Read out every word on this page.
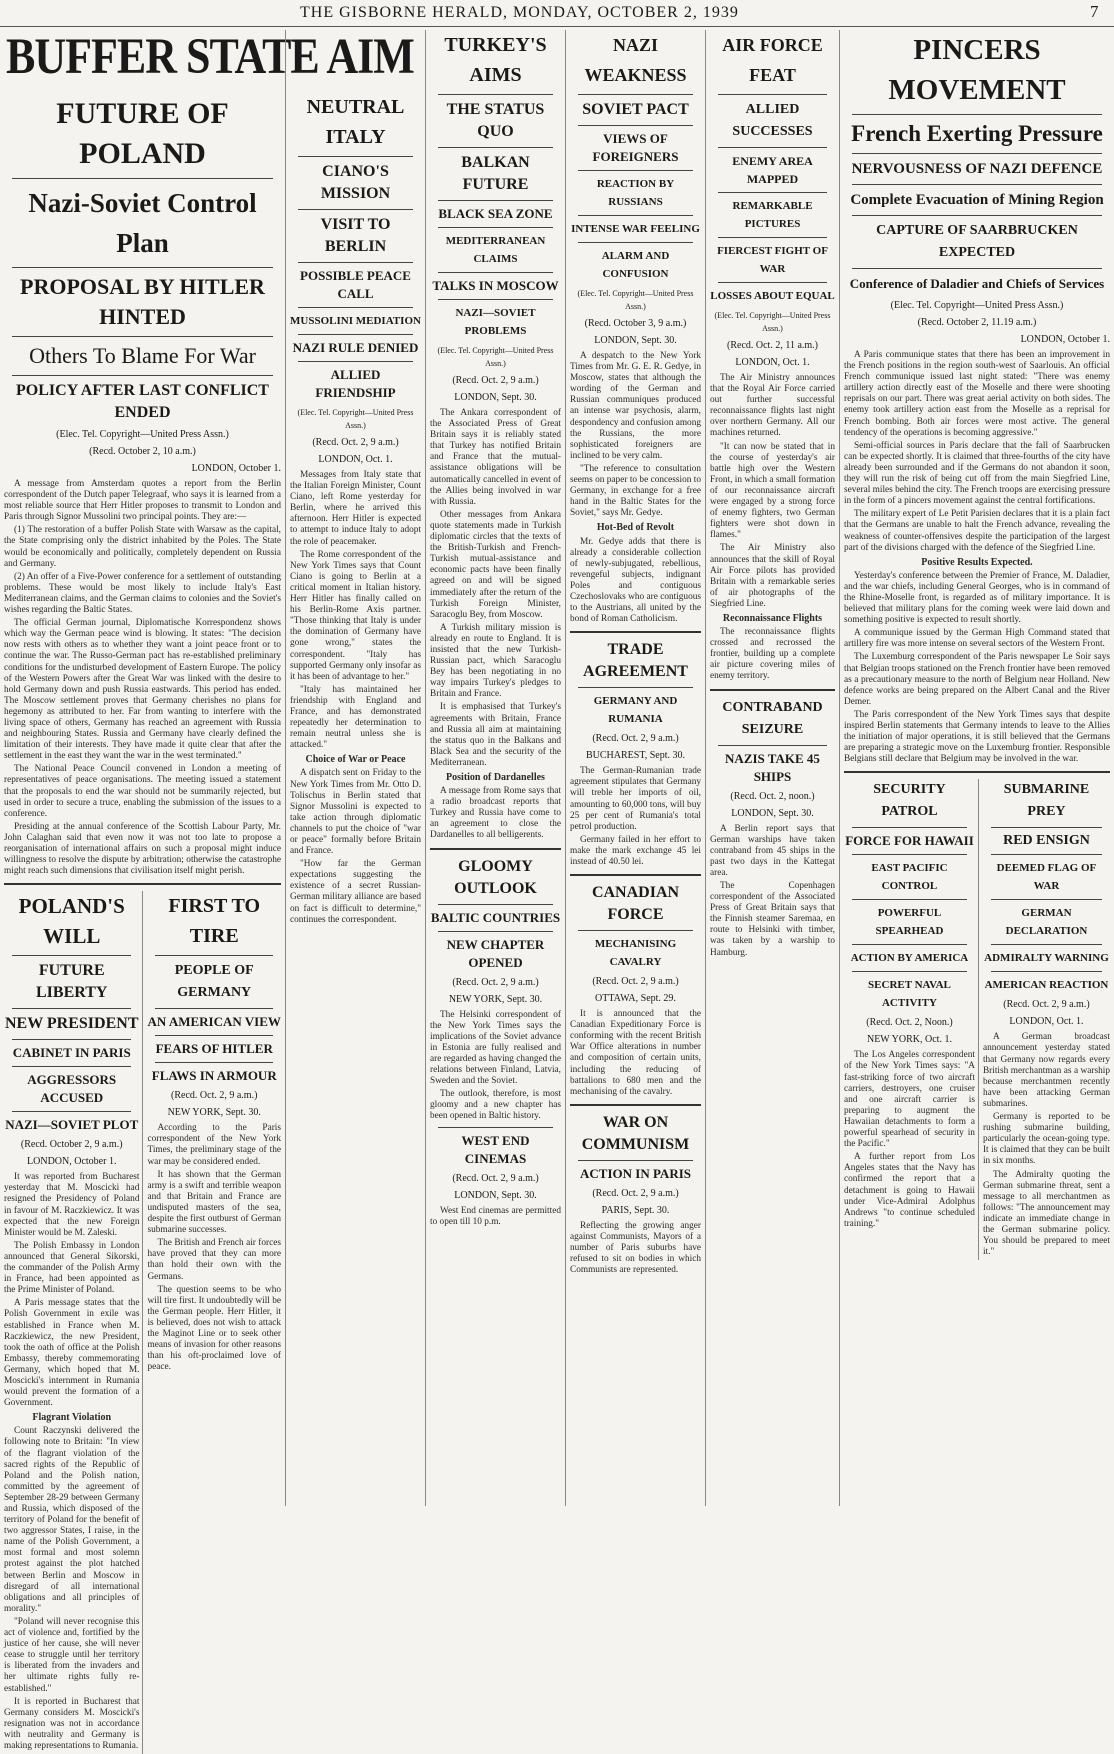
THE GISBORNE HERALD, MONDAY, OCTOBER 2, 1939	7
BUFFER STATE AIM
FUTURE OF POLAND
Nazi-Soviet Control Plan
PROPOSAL BY HITLER HINTED
Others To Blame For War
POLICY AFTER LAST CONFLICT ENDED
(Elec. Tel. Copyright—United Press Assn.)
(Recd. October 2, 10 a.m.)
LONDON, October 1.

A message from Amsterdam quotes a report from the Berlin correspondent of the Dutch paper Telegraaf, who says it is learned from a most reliable source that Herr Hitler proposes to transmit to London and Paris through Signor Mussolini two principal points. They are:—

(1) The restoration of a buffer Polish State with Warsaw as the capital, the State comprising only the district inhabited by the Poles. The State would be economically and politically, completely dependent on Russia and Germany.

(2) An offer of a Five-Power conference for a settlement of outstanding problems. These would be most likely to include Italy's East Mediterranean claims, and the German claims to colonies and the Soviet's wishes regarding the Baltic States.

The official German journal, Diplomatische Korrespondenz shows which way the German peace wind is blowing. It states: "The decision now rests with others as to whether they want a joint peace front or to continue the war. The Russo-German pact has re-established preliminary conditions for the undisturbed development of Eastern Europe. The policy of the Western Powers after the Great War was linked with the desire to hold Germany down and push Russia eastwards. This period has ended. The Moscow settlement proves that Germany cherishes no plans for hegemony as attributed to her. Far from wanting to interfere with the living space of others, Germany has reached an agreement with Russia and neighbouring States. Russia and Germany have clearly defined the limitation of their interests. They have made it quite clear that after the settlement in the east they want the war in the west terminated."

The National Peace Council convened in London a meeting of representatives of peace organisations. The meeting issued a statement that the proposals to end the war should not be summarily rejected, but used in order to secure a truce, enabling the submission of the issues to a conference.

Presiding at the annual conference of the Scottish Labour Party, Mr. John Calaghan said that even now it was not too late to propose a reorganisation of international affairs on such a proposal might induce willingness to resolve the dispute by arbitration; otherwise the catastrophe might reach such dimensions that civilisation itself might perish.

POLAND'S WILL
FUTURE LIBERTY
NEW PRESIDENT
CABINET IN PARIS
AGGRESSORS ACCUSED
NAZI—SOVIET PLOT
(Recd. October 2, 9 a.m.)
LONDON, October 1.

It was reported from Bucharest yesterday that M. Moscicki had resigned the Presidency of Poland in favour of M. Raczkiewicz. It was expected that the new Foreign Minister would be M. Zaleski.

The Polish Embassy in London announced that General Sikorski, the commander of the Polish Army in France, had been appointed as the Prime Minister of Poland.

A Paris message states that the Polish Government in exile was established in France when M. Raczkiewicz, the new President, took the oath of office at the Polish Embassy, thereby commemorating Germany, which hoped that M. Moscicki's internment in Rumania would prevent the formation of a Government.

Flagrant Violation

Count Raczynski delivered the following note to Britain: "In view of the flagrant violation of the sacred rights of the Republic of Poland and the Polish nation, committed by the agreement of September 28-29 between Germany and Russia, which disposed of the territory of Poland for the benefit of two aggressor States, I raise, in the name of the Polish Government, a most formal and most solemn protest against the plot hatched between Berlin and Moscow in disregard of all international obligations and all principles of morality."

"Poland will never recognise this act of violence and, fortified by the justice of her cause, she will never cease to struggle until her territory is liberated from the invaders and her ultimate rights fully re-established."

It is reported in Bucharest that Germany considers M. Moscicki's resignation was not in accordance with neutrality and Germany is making representations to Rumania.

FIRST TO TIRE
PEOPLE OF GERMANY
AN AMERICAN VIEW
FEARS OF HITLER
FLAWS IN ARMOUR
(Recd. Oct. 2, 9 a.m.)
NEW YORK, Sept. 30.

According to the Paris correspondent of the New York Times, the preliminary stage of the war may be considered ended.

It has shown that the German army is a swift and terrible weapon and that Britain and France are undisputed masters of the sea, despite the first outburst of German submarine successes.

The British and French air forces have proved that they can more than hold their own with the Germans.

The question seems to be who will tire first. It undoubtedly will be the German people. Herr Hitler, it is believed, does not wish to attack the Maginot Line or to seek other means of invasion for other reasons than his oft-proclaimed love of peace.

NEUTRAL ITALY
CIANO'S MISSION
VISIT TO BERLIN
POSSIBLE PEACE CALL
MUSSOLINI MEDIATION
NAZI RULE DENIED
ALLIED FRIENDSHIP
(Elec. Tel. Copyright—United Press Assn.)
(Recd. Oct. 2, 9 a.m.)
LONDON, Oct. 1.

Messages from Italy state that the Italian Foreign Minister, Count Ciano, left Rome yesterday for Berlin, where he arrived this afternoon. Herr Hitler is expected to attempt to induce Italy to adopt the role of peacemaker.

The Rome correspondent of the New York Times says that Count Ciano is going to Berlin at a critical moment in Italian history. Herr Hitler has finally called on his Berlin-Rome Axis partner. "Those thinking that Italy is under the domination of Germany have gone wrong," states the correspondent. "Italy has supported Germany only insofar as it has been of advantage to her."

"Italy has maintained her friendship with England and France, and has demonstrated repeatedly her determination to remain neutral unless she is attacked."

Choice of War or Peace

A dispatch sent on Friday to the New York Times from Mr. Otto D. Tolischus in Berlin stated that Signor Mussolini is expected to take action through diplomatic channels to put the choice of "war or peace" formally before Britain and France.

"How far the German expectations suggesting the existence of a secret Russian-German military alliance are based on fact is difficult to determine," continues the correspondent.

TURKEY'S AIMS
THE STATUS QUO
BALKAN FUTURE
BLACK SEA ZONE
MEDITERRANEAN CLAIMS
TALKS IN MOSCOW
NAZI—SOVIET PROBLEMS
(Elec. Tel. Copyright—United Press Assn.)
(Recd. Oct. 2, 9 a.m.)
LONDON, Sept. 30.

The Ankara correspondent of the Associated Press of Great Britain says it is reliably stated that Turkey has notified Britain and France that the mutual-assistance obligations will be automatically cancelled in event of the Allies being involved in war with Russia.

Other messages from Ankara quote statements made in Turkish diplomatic circles that the texts of the British-Turkish and French-Turkish mutual-assistance and economic pacts have been finally agreed on and will be signed immediately after the return of the Turkish Foreign Minister, Saracoglu Bey, from Moscow.

A Turkish military mission is already en route to England. It is insisted that the new Turkish-Russian pact, which Saracoglu Bey has been negotiating in no way impairs Turkey's pledges to Britain and France.

It is emphasised that Turkey's agreements with Britain, France and Russia all aim at maintaining the status quo in the Balkans and Black Sea and the security of the Mediterranean.

Position of Dardanelles

A message from Rome says that a radio broadcast reports that Turkey and Russia have come to an agreement to close the Dardanelles to all belligerents.

GLOOMY OUTLOOK
BALTIC COUNTRIES
NEW CHAPTER OPENED
(Recd. Oct. 2, 9 a.m.)
NEW YORK, Sept. 30.

The Helsinki correspondent of the New York Times says the implications of the Soviet advance in Estonia are fully realised and are regarded as having changed the relations between Finland, Latvia, Sweden and the Soviet.

The outlook, therefore, is most gloomy and a new chapter has been opened in Baltic history.

WEST END CINEMAS
(Recd. Oct. 2, 9 a.m.)
LONDON, Sept. 30.

West End cinemas are permitted to open till 10 p.m.

NAZI WEAKNESS
SOVIET PACT
VIEWS OF FOREIGNERS
REACTION BY RUSSIANS
INTENSE WAR FEELING
ALARM AND CONFUSION
(Elec. Tel. Copyright—United Press Assn.)
(Recd. October 3, 9 a.m.)
LONDON, Sept. 30.

A despatch to the New York Times from Mr. G. E. R. Gedye, in Moscow, states that although the wording of the German and Russian communiques produced an intense war psychosis, alarm, despondency and confusion among the Russians, the more sophisticated foreigners are inclined to be very calm.

"The reference to consultation seems on paper to be concession to Germany, in exchange for a free hand in the Baltic States for the Soviet," says Mr. Gedye.

Hot-Bed of Revolt

Mr. Gedye adds that there is already a considerable collection of newly-subjugated, rebellious, revengeful subjects, indignant Poles and contiguous Czechoslovaks who are contiguous to the Austrians, all united by the bond of Roman Catholicism.

TRADE AGREEMENT
GERMANY AND RUMANIA
(Recd. Oct. 2, 9 a.m.)
BUCHAREST, Sept. 30.

The German-Rumanian trade agreement stipulates that Germany will treble her imports of oil, amounting to 60,000 tons, will buy 25 per cent of Rumania's total petrol production.

Germany failed in her effort to make the mark exchange 45 lei instead of 40.50 lei.

CANADIAN FORCE
MECHANISING CAVALRY
(Recd. Oct. 2, 9 a.m.)
OTTAWA, Sept. 29.

It is announced that the Canadian Expeditionary Force is conforming with the recent British War Office alterations in number and composition of certain units, including the reducing of battalions to 680 men and the mechanising of the cavalry.

WAR ON COMMUNISM
ACTION IN PARIS
(Recd. Oct. 2, 9 a.m.)
PARIS, Sept. 30.

Reflecting the growing anger against Communists, Mayors of a number of Paris suburbs have refused to sit on bodies in which Communists are represented.

AIR FORCE FEAT
ALLIED SUCCESSES
ENEMY AREA MAPPED
REMARKABLE PICTURES
FIERCEST FIGHT OF WAR
LOSSES ABOUT EQUAL
(Elec. Tel. Copyright—United Press Assn.)
(Recd. Oct. 2, 11 a.m.)
LONDON, Oct. 1.

The Air Ministry announces that the Royal Air Force carried out further successful reconnaissance flights last night over northern Germany. All our machines returned.

"It can now be stated that in the course of yesterday's air battle high over the Western Front, in which a small formation of our reconnaissance aircraft were engaged by a strong force of enemy fighters, two German fighters were shot down in flames."

The Air Ministry also announces that the skill of Royal Air Force pilots has provided Britain with a remarkable series of air photographs of the Siegfried Line.

Reconnaissance Flights

The reconnaissance flights crossed and recrossed the frontier, building up a complete air picture covering miles of enemy territory.

CONTRABAND SEIZURE
NAZIS TAKE 45 SHIPS
(Recd. Oct. 2, noon.)
LONDON, Sept. 30.

A Berlin report says that German warships have taken contraband from 45 ships in the past two days in the Kattegat area.

The Copenhagen correspondent of the Associated Press of Great Britain says that the Finnish steamer Saremaa, en route to Helsinki with timber, was taken by a warship to Hamburg.

PINCERS MOVEMENT
French Exerting Pressure
NERVOUSNESS OF NAZI DEFENCE
Complete Evacuation of Mining Region
CAPTURE OF SAARBRUCKEN EXPECTED
Conference of Daladier and Chiefs of Services
(Elec. Tel. Copyright—United Press Assn.)
(Recd. October 2, 11.19 a.m.)
LONDON, October 1.

A Paris communique states that there has been an improvement in the French positions in the region south-west of Saarlouis. An official French communique issued last night stated: "There was enemy artillery action directly east of the Moselle and there were shooting reprisals on our part. There was great aerial activity on both sides. The enemy took artillery action east from the Moselle as a reprisal for French bombing. Both air forces were most active. The general tendency of the operations is becoming aggressive."

Semi-official sources in Paris declare that the fall of Saarbrucken can be expected shortly. It is claimed that three-fourths of the city have already been surrounded and if the Germans do not abandon it soon, they will run the risk of being cut off from the main Siegfried Line, several miles behind the city. The French troops are exercising pressure in the form of a pincers movement against the central fortifications.

The military expert of Le Petit Parisien declares that it is a plain fact that the Germans are unable to halt the French advance, revealing the weakness of counter-offensives despite the participation of the largest part of the divisions charged with the defence of the Siegfried Line.

Positive Results Expected.

Yesterday's conference between the Premier of France, M. Daladier, and the war chiefs, including General Georges, who is in command of the Rhine-Moselle front, is regarded as of military importance. It is believed that military plans for the coming week were laid down and something positive is expected to result shortly.

A communique issued by the German High Command stated that artillery fire was more intense on several sectors of the Western Front.

The Luxemburg correspondent of the Paris newspaper Le Soir says that Belgian troops stationed on the French frontier have been removed as a precautionary measure to the north of Belgium near Holland. New defence works are being prepared on the Albert Canal and the River Demer.

The Paris correspondent of the New York Times says that despite inspired Berlin statements that Germany intends to leave to the Allies the initiation of major operations, it is still believed that the Germans are preparing a strategic move on the Luxemburg frontier. Responsible Belgians still declare that Belgium may be involved in the war.

SECURITY PATROL
FORCE FOR HAWAII
EAST PACIFIC CONTROL
POWERFUL SPEARHEAD
ACTION BY AMERICA
SECRET NAVAL ACTIVITY
(Recd. Oct. 2, Noon.)
NEW YORK, Oct. 1.

The Los Angeles correspondent of the New York Times says: "A fast-striking force of two aircraft carriers, destroyers, one cruiser and one aircraft carrier is preparing to augment the Hawaiian detachments to form a powerful spearhead of security in the Pacific."

A further report from Los Angeles states that the Navy has confirmed the report that a detachment is going to Hawaii under Vice-Admiral Adolphus Andrews "to continue scheduled training."

SUBMARINE PREY
RED ENSIGN
DEEMED FLAG OF WAR
GERMAN DECLARATION
ADMIRALTY WARNING
AMERICAN REACTION
(Recd. Oct. 2, 9 a.m.)
LONDON, Oct. 1.

A German broadcast announcement yesterday stated that Germany now regards every British merchantman as a warship because merchantmen recently have been attacking German submarines.

Germany is reported to be rushing submarine building, particularly the ocean-going type. It is claimed that they can be built in six months.

The Admiralty quoting the German submarine threat, sent a message to all merchantmen as follows: "The announcement may indicate an immediate change in the German submarine policy. You should be prepared to meet it."
